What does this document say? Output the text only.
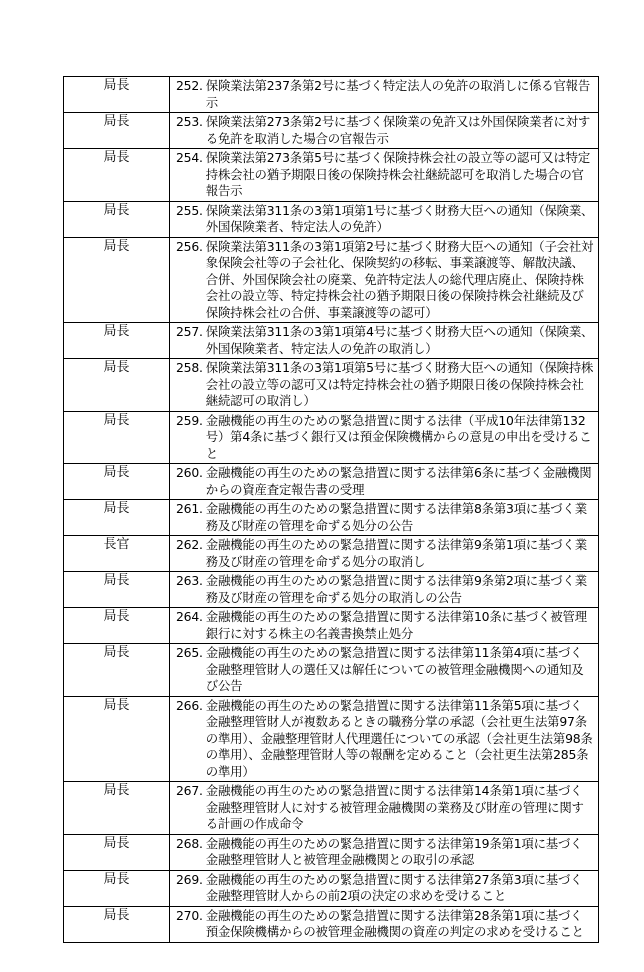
局長	252. 保険業法第237条第2号に基づく特定法人の免許の取消しに係る官報告示

局長	253. 保険業法第273条第2号に基づく保険業の免許又は外国保険業者に対する免許を取消した場合の官報告示

局長	254. 保険業法第273条第5号に基づく保険持株会社の設立等の認可又は特定持株会社の猶予期限日後の保険持株会社継続認可を取消した場合の官報告示

局長	255. 保険業法第311条の3第1項第1号に基づく財務大臣への通知（保険業、外国保険業者、特定法人の免許）

局長	256. 保険業法第311条の3第1項第2号に基づく財務大臣への通知（子会社対象保険会社等の子会社化、保険契約の移転、事業譲渡等、解散決議、合併、外国保険会社の廃業、免許特定法人の総代理店廃止、保険持株会社の設立等、特定持株会社の猶予期限日後の保険持株会社継続及び保険持株会社の合併、事業譲渡等の認可）

局長	257. 保険業法第311条の3第1項第4号に基づく財務大臣への通知（保険業、外国保険業者、特定法人の免許の取消し）

局長	258. 保険業法第311条の3第1項第5号に基づく財務大臣への通知（保険持株会社の設立等の認可又は特定持株会社の猶予期限日後の保険持株会社継続認可の取消し）

局長	259. 金融機能の再生のための緊急措置に関する法律（平成10年法律第132号）第4条に基づく銀行又は預金保険機構からの意見の申出を受けること

局長	260. 金融機能の再生のための緊急措置に関する法律第6条に基づく金融機関からの資産査定報告書の受理

局長	261. 金融機能の再生のための緊急措置に関する法律第8条第3項に基づく業務及び財産の管理を命ずる処分の公告

長官	262. 金融機能の再生のための緊急措置に関する法律第9条第1項に基づく業務及び財産の管理を命ずる処分の取消し

局長	263. 金融機能の再生のための緊急措置に関する法律第9条第2項に基づく業務及び財産の管理を命ずる処分の取消しの公告

局長	264. 金融機能の再生のための緊急措置に関する法律第10条に基づく被管理銀行に対する株主の名義書換禁止処分

局長	265. 金融機能の再生のための緊急措置に関する法律第11条第4項に基づく金融整理管財人の選任又は解任についての被管理金融機関への通知及び公告

局長	266. 金融機能の再生のための緊急措置に関する法律第11条第5項に基づく金融整理管財人が複数あるときの職務分掌の承認（会社更生法第97条の準用）、金融整理管財人代理選任についての承認（会社更生法第98条の準用）、金融整理管財人等の報酬を定めること（会社更生法第285条の準用）

局長	267. 金融機能の再生のための緊急措置に関する法律第14条第1項に基づく金融整理管財人に対する被管理金融機関の業務及び財産の管理に関する計画の作成命令

局長	268. 金融機能の再生のための緊急措置に関する法律第19条第1項に基づく金融整理管財人と被管理金融機関との取引の承認

局長	269. 金融機能の再生のための緊急措置に関する法律第27条第3項に基づく金融整理管財人からの前2項の決定の求めを受けること

局長	270. 金融機能の再生のための緊急措置に関する法律第28条第1項に基づく預金保険機構からの被管理金融機関の資産の判定の求めを受けること
